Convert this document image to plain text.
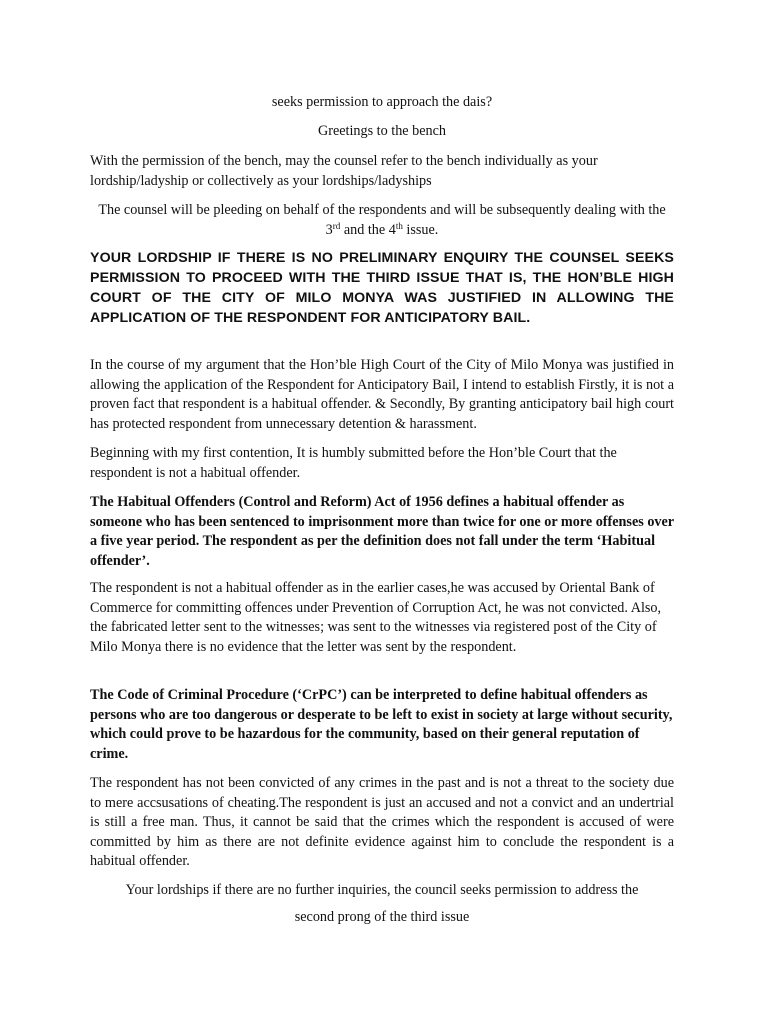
seeks permission to approach the dais?

Greetings to the bench

With the permission of the bench, may the counsel refer to the bench individually as your lordship/ladyship or collectively as your lordships/ladyships

The counsel will be pleeding on behalf of the respondents and will be subsequently dealing with the 3rd and the 4th issue.

YOUR LORDSHIP IF THERE IS NO PRELIMINARY ENQUIRY THE COUNSEL SEEKS PERMISSION TO PROCEED WITH THE THIRD ISSUE THAT IS, THE HON’BLE HIGH COURT OF THE CITY OF MILO MONYA WAS JUSTIFIED IN ALLOWING THE APPLICATION OF THE RESPONDENT FOR ANTICIPATORY BAIL.

In the course of my argument that the Hon’ble High Court of the City of Milo Monya was justified in allowing the application of the Respondent for Anticipatory Bail, I intend to establish Firstly, it is not a proven fact that respondent is a habitual offender. & Secondly, By granting anticipatory bail high court has protected respondent from unnecessary detention & harassment.

Beginning with my first contention, It is humbly submitted before the Hon’ble Court that the respondent is not a habitual offender.

The Habitual Offenders (Control and Reform) Act of 1956 defines a habitual offender as someone who has been sentenced to imprisonment more than twice for one or more offenses over a five year period. The respondent as per the definition does not fall under the term ‘Habitual offender’.

The respondent is not a habitual offender as in the earlier cases,he was accused by Oriental Bank of Commerce for committing offences under Prevention of Corruption Act, he was not convicted. Also, the fabricated letter sent to the witnesses; was sent to the witnesses via registered post of the City of Milo Monya there is no evidence that the letter was sent by the respondent.

The Code of Criminal Procedure (‘CrPC’) can be interpreted to define habitual offenders as persons who are too dangerous or desperate to be left to exist in society at large without security, which could prove to be hazardous for the community, based on their general reputation of crime.

The respondent has not been convicted of any crimes in the past and is not a threat to the society due to mere accsusations of cheating.The respondent is just an accused and not a convict and an undertrial is still a free man. Thus, it cannot be said that the crimes which the respondent is accused of were committed by him as there are not definite evidence against him to conclude the respondent is a habitual offender.

Your lordships if there are no further inquiries, the council seeks permission to address the

second prong of the third issue
